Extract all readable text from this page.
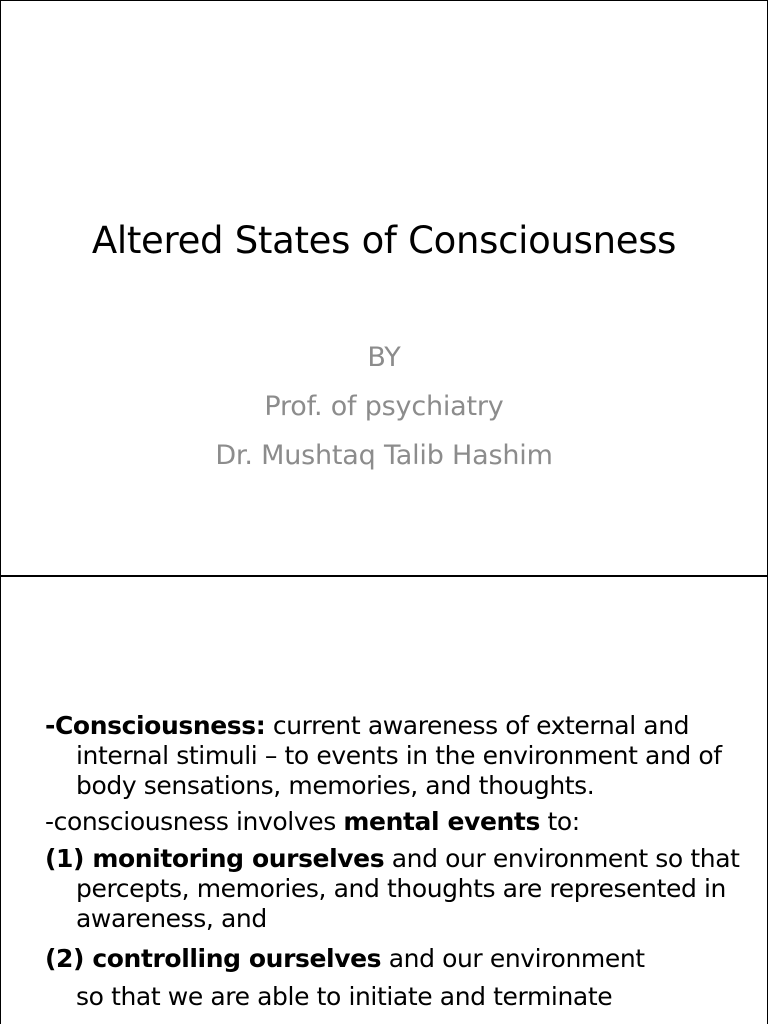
Altered States of Consciousness
BY
Prof. of psychiatry
Dr. Mushtaq Talib Hashim

-Consciousness: current awareness of external and internal stimuli – to events in the environment and of body sensations, memories, and thoughts.

-consciousness involves mental events to:

(1) monitoring ourselves and our environment so that percepts, memories, and thoughts are represented in awareness, and

(2) controlling ourselves and our environment

so that we are able to initiate and terminate
